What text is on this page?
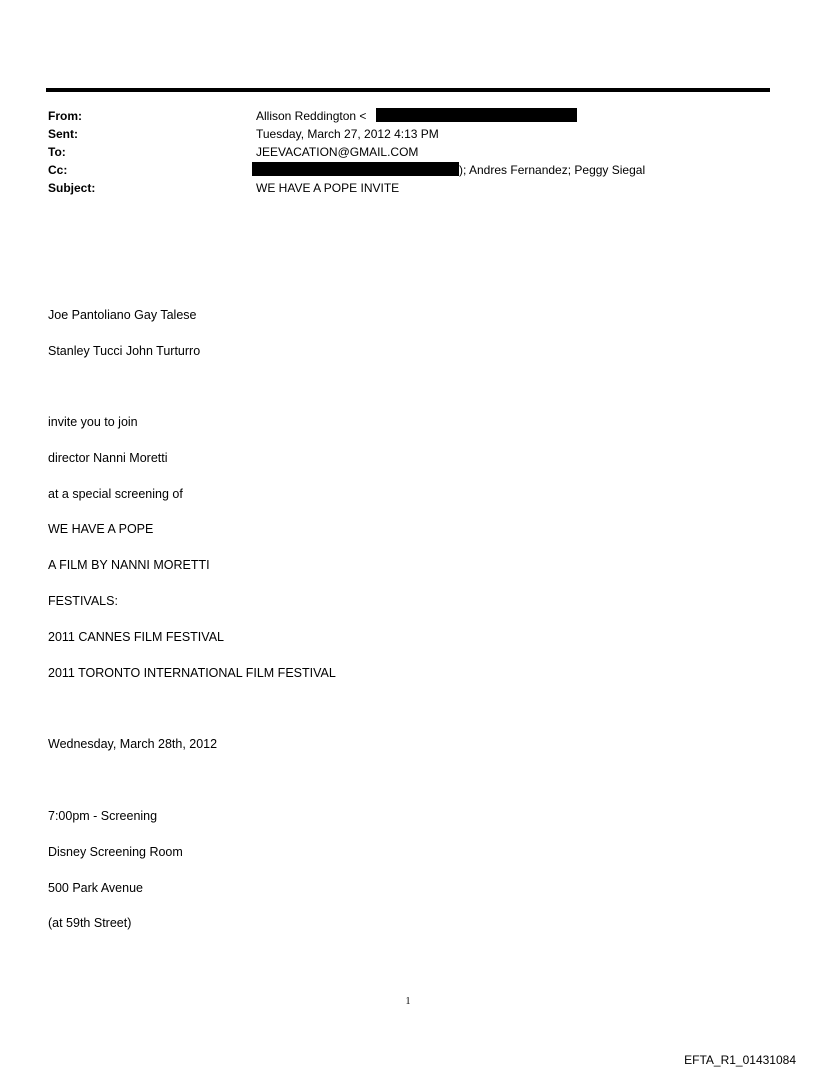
From:	Allison Reddington <
Sent:	Tuesday, March 27, 2012 4:13 PM
To:	JEEVACATION@GMAIL.COM
Cc:	); Andres Fernandez; Peggy Siegal
Subject:	WE HAVE A POPE INVITE
Joe Pantoliano Gay Talese
Stanley Tucci John Turturro
invite you to join
director Nanni Moretti
at a special screening of
WE HAVE A POPE
A FILM BY NANNI MORETTI
FESTIVALS:
2011 CANNES FILM FESTIVAL
2011 TORONTO INTERNATIONAL FILM FESTIVAL
Wednesday, March 28th, 2012
7:00pm - Screening
Disney Screening Room
500 Park Avenue
(at 59th Street)
1
EFTA_R1_01431084
